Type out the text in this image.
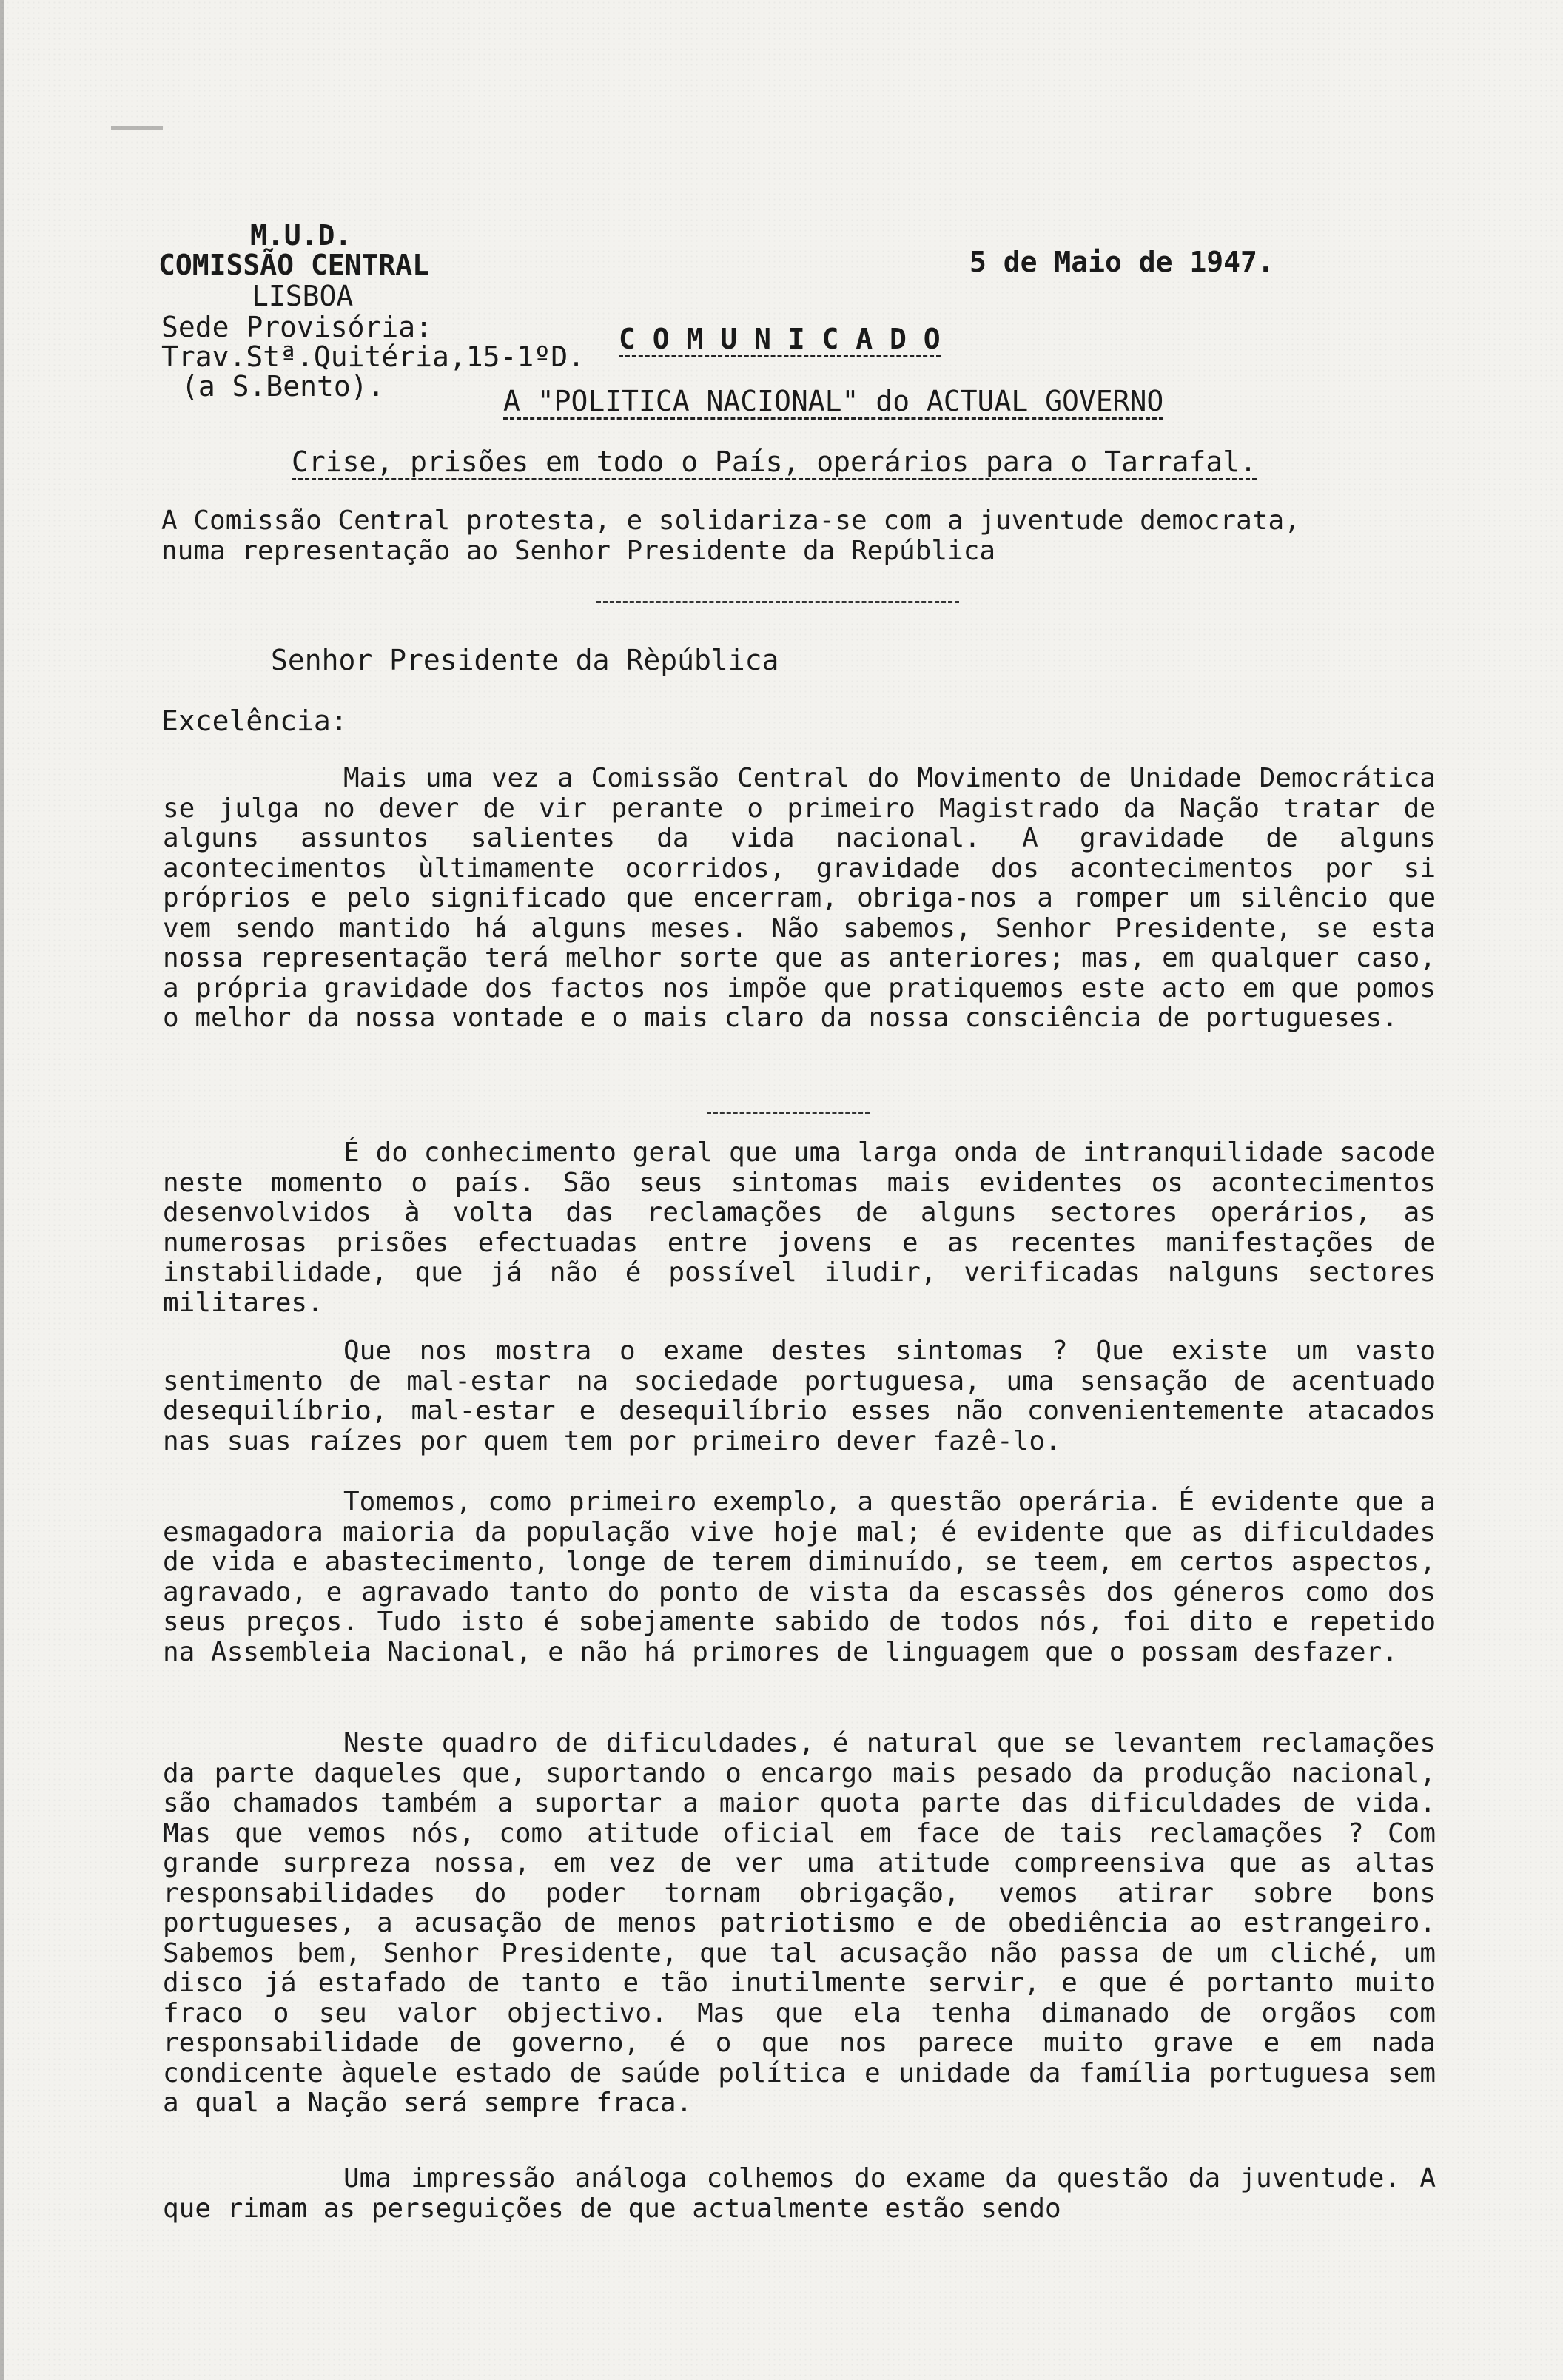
M.U.D.
COMISSÃO CENTRAL
LISBOA
Sede Provisória:
Trav.Stª.Quitéria,15-1ºD.
(a S.Bento).
5 de Maio de 1947.
C O M U N I C A D O
A "POLITICA NACIONAL" do ACTUAL GOVERNO
Crise, prisões em todo o País, operários para o Tarrafal.
A Comissão Central protesta, e solidariza-se com a juventude democrata, numa representação ao Senhor Presidente da República
Senhor Presidente da Rèpública
Excelência:

Mais uma vez a Comissão Central do Movimento de Unidade Democrática se julga no dever de vir perante o primeiro Magistrado da Nação tratar de alguns assuntos salientes da vida nacional. A gravidade de alguns acontecimentos ùltimamente ocorridos, gravidade dos acontecimentos por si próprios e pelo significado que encerram, obriga-nos a romper um silêncio que vem sendo mantido há alguns meses. Não sabemos, Senhor Presidente, se esta nossa representação terá melhor sorte que as anteriores; mas, em qualquer caso, a própria gravidade dos factos nos impõe que pratiquemos este acto em que pomos o melhor da nossa vontade e o mais claro da nossa consciência de portugueses.

É do conhecimento geral que uma larga onda de intranquilidade sacode neste momento o país. São seus sintomas mais evidentes os acontecimentos desenvolvidos à volta das reclamações de alguns sectores operários, as numerosas prisões efectuadas entre jovens e as recentes manifestações de instabilidade, que já não é possível iludir, verificadas nalguns sectores militares.

Que nos mostra o exame destes sintomas ? Que existe um vasto sentimento de mal-estar na sociedade portuguesa, uma sensação de acentuado desequilíbrio, mal-estar e desequilíbrio esses não convenientemente atacados nas suas raízes por quem tem por primeiro dever fazê-lo.

Tomemos, como primeiro exemplo, a questão operária. É evidente que a esmagadora maioria da população vive hoje mal; é evidente que as dificuldades de vida e abastecimento, longe de terem diminuído, se teem, em certos aspectos, agravado, e agravado tanto do ponto de vista da escassês dos géneros como dos seus preços. Tudo isto é sobejamente sabido de todos nós, foi dito e repetido na Assembleia Nacional, e não há primores de linguagem que o possam desfazer.

Neste quadro de dificuldades, é natural que se levantem reclamações da parte daqueles que, suportando o encargo mais pesado da produção nacional, são chamados também a suportar a maior quota parte das dificuldades de vida. Mas que vemos nós, como atitude oficial em face de tais reclamações ? Com grande surpreza nossa, em vez de ver uma atitude compreensiva que as altas responsabilidades do poder tornam obrigação, vemos atirar sobre bons portugueses, a acusação de menos patriotismo e de obediência ao estrangeiro. Sabemos bem, Senhor Presidente, que tal acusação não passa de um cliché, um disco já estafado de tanto e tão inutilmente servir, e que é portanto muito fraco o seu valor objectivo. Mas que ela tenha dimanado de orgãos com responsabilidade de governo, é o que nos parece muito grave e em nada condicente àquele estado de saúde política e unidade da família portuguesa sem a qual a Nação será sempre fraca.

Uma impressão análoga colhemos do exame da questão da juventude. A que rimam as perseguições de que actualmente estão sendo
